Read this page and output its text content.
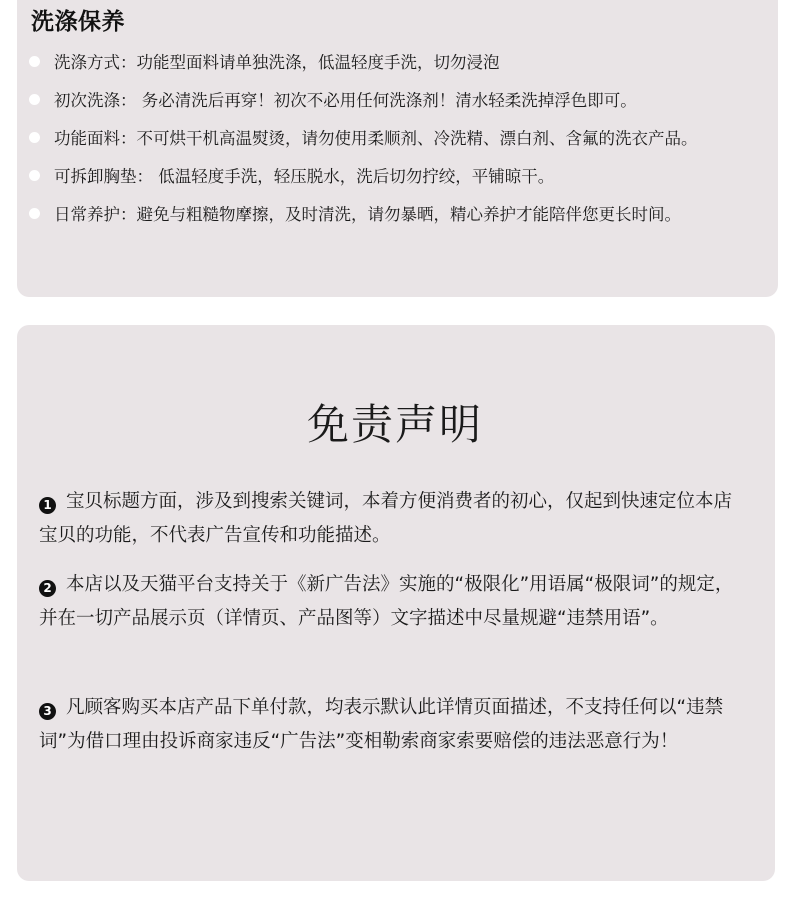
洗涤保养
洗涤方式：功能型面料请单独洗涤，低温轻度手洗，切勿浸泡
初次洗涤： 务必清洗后再穿！初次不必用任何洗涤剂！清水轻柔洗掉浮色即可。
功能面料：不可烘干机高温熨烫，请勿使用柔顺剂、冷洗精、漂白剂、含氟的洗衣产品。
可拆卸胸垫： 低温轻度手洗，轻压脱水，洗后切勿拧绞，平铺晾干。
日常养护：避免与粗糙物摩擦，及时清洗，请勿暴晒，精心养护才能陪伴您更长时间。
免责声明
1 宝贝标题方面，涉及到搜索关键词，本着方便消费者的初心，仅起到快速定位本店宝贝的功能，不代表广告宣传和功能描述。
2 本店以及天猫平台支持关于《新广告法》实施的“极限化”用语属“极限词”的规定，并在一切产品展示页（详情页、产品图等）文字描述中尽量规避“违禁用语”。
3 凡顾客购买本店产品下单付款，均表示默认此详情页面描述，不支持任何以“违禁词”为借口理由投诉商家违反“广告法”变相勒索商家索要赔偿的违法恶意行为！
